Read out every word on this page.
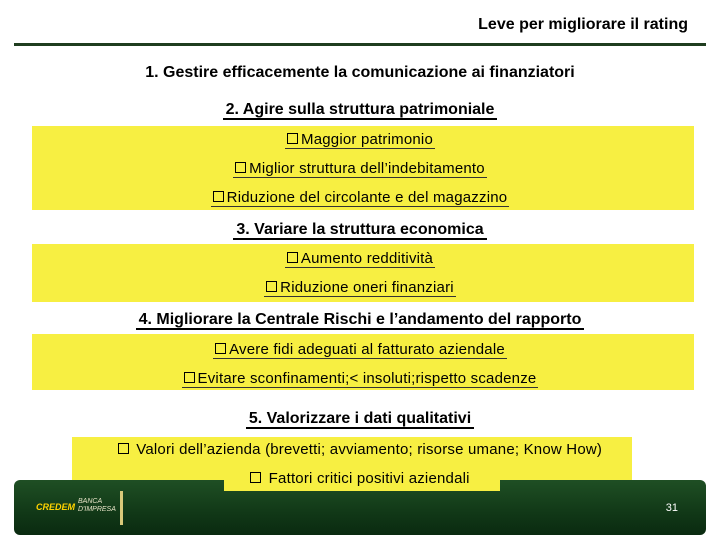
Leve per migliorare il rating
1. Gestire efficacemente la comunicazione ai finanziatori
2. Agire sulla struttura patrimoniale
Maggior patrimonio
Miglior struttura dell’indebitamento
Riduzione del circolante e del magazzino
3. Variare la struttura economica
Aumento redditività
Riduzione oneri finanziari
4. Migliorare la Centrale Rischi e l’andamento del rapporto
Avere fidi adeguati al fatturato aziendale
Evitare sconfinamenti;< insoluti;rispetto scadenze
5. Valorizzare i dati qualitativi
Valori dell’azienda (brevetti; avviamento; risorse umane; Know How)
CREDEM
BANCA
D'IMPRESA	31
Fattori critici positivi aziendali
